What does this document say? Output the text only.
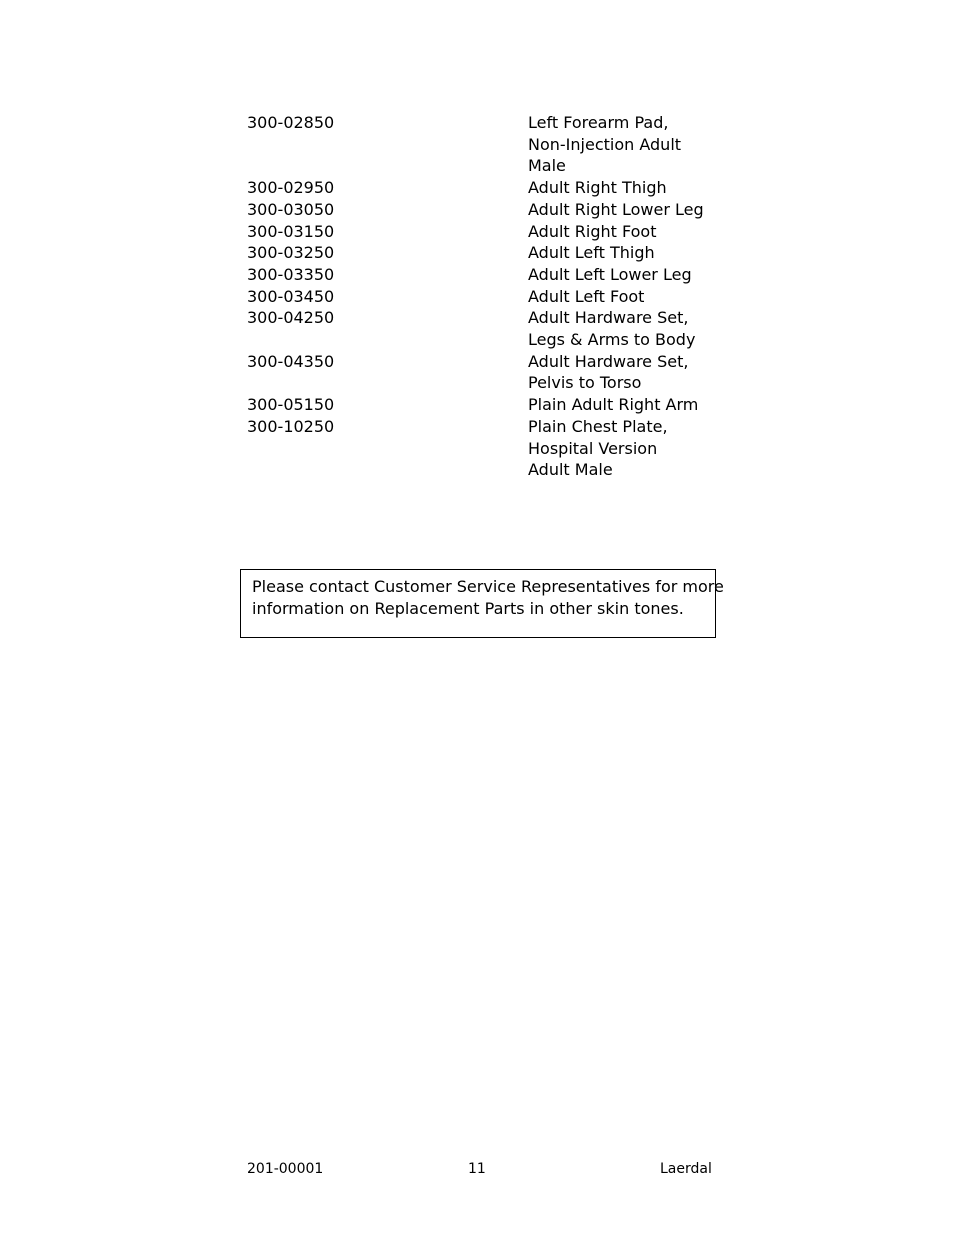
300-02850	Left Forearm Pad,
Non-Injection Adult
Male
300-02950	Adult Right Thigh
300-03050	Adult Right Lower Leg
300-03150	Adult Right Foot
300-03250	Adult Left Thigh
300-03350	Adult Left Lower Leg
300-03450	Adult Left Foot
300-04250	Adult Hardware Set,
Legs & Arms to Body
300-04350	Adult Hardware Set,
Pelvis to Torso
300-05150	Plain Adult Right Arm
300-10250	Plain Chest Plate,
Hospital Version
Adult Male

Please contact Customer Service Representatives for more
information on Replacement Parts in other skin tones.

201-00001	11	Laerdal
